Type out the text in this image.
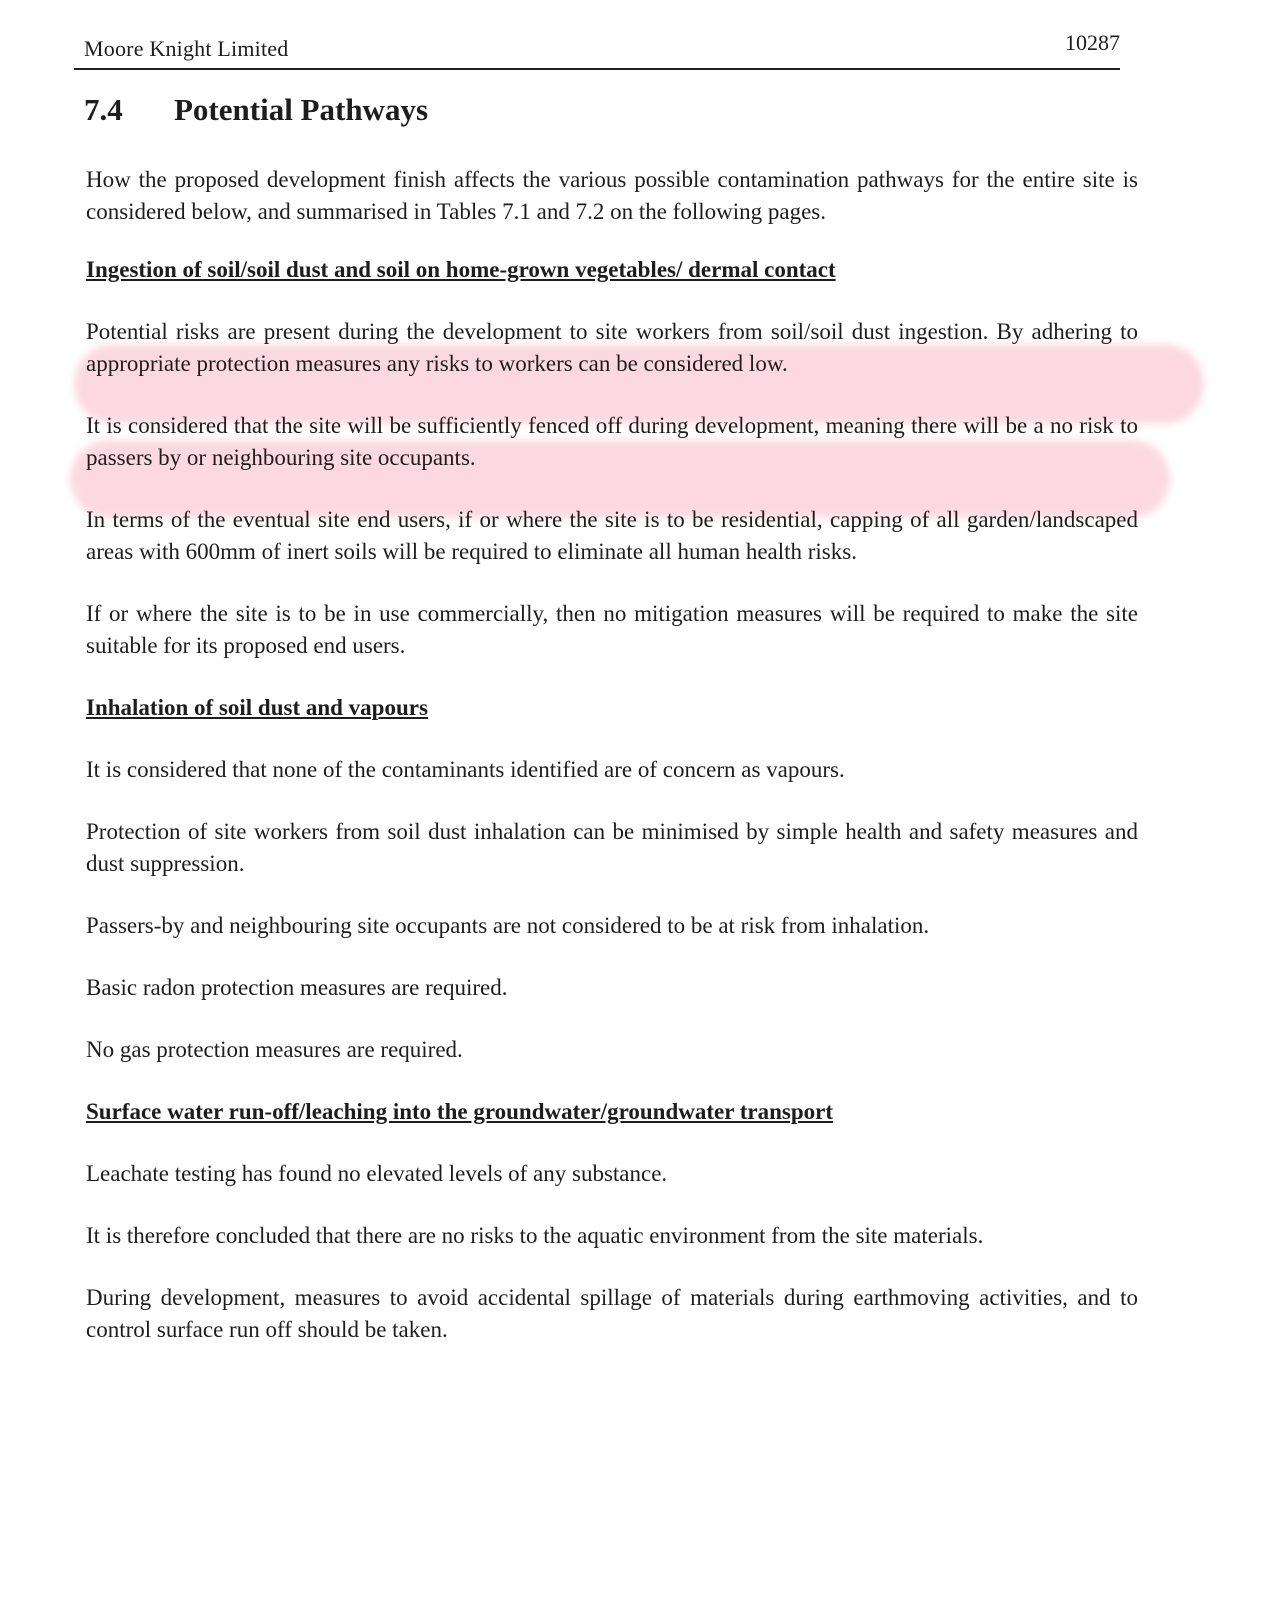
Moore Knight Limited	10287
7.4 Potential Pathways

How the proposed development finish affects the various possible contamination pathways for the entire site is considered below, and summarised in Tables 7.1 and 7.2 on the following pages.

Ingestion of soil/soil dust and soil on home-grown vegetables/ dermal contact

Potential risks are present during the development to site workers from soil/soil dust ingestion. By adhering to appropriate protection measures any risks to workers can be considered low.

It is considered that the site will be sufficiently fenced off during development, meaning there will be a no risk to passers by or neighbouring site occupants.

In terms of the eventual site end users, if or where the site is to be residential, capping of all garden/landscaped areas with 600mm of inert soils will be required to eliminate all human health risks.

If or where the site is to be in use commercially, then no mitigation measures will be required to make the site suitable for its proposed end users.

Inhalation of soil dust and vapours

It is considered that none of the contaminants identified are of concern as vapours.

Protection of site workers from soil dust inhalation can be minimised by simple health and safety measures and dust suppression.

Passers-by and neighbouring site occupants are not considered to be at risk from inhalation.

Basic radon protection measures are required.

No gas protection measures are required.

Surface water run-off/leaching into the groundwater/groundwater transport

Leachate testing has found no elevated levels of any substance.

It is therefore concluded that there are no risks to the aquatic environment from the site materials.

During development, measures to avoid accidental spillage of materials during earthmoving activities, and to control surface run off should be taken.
